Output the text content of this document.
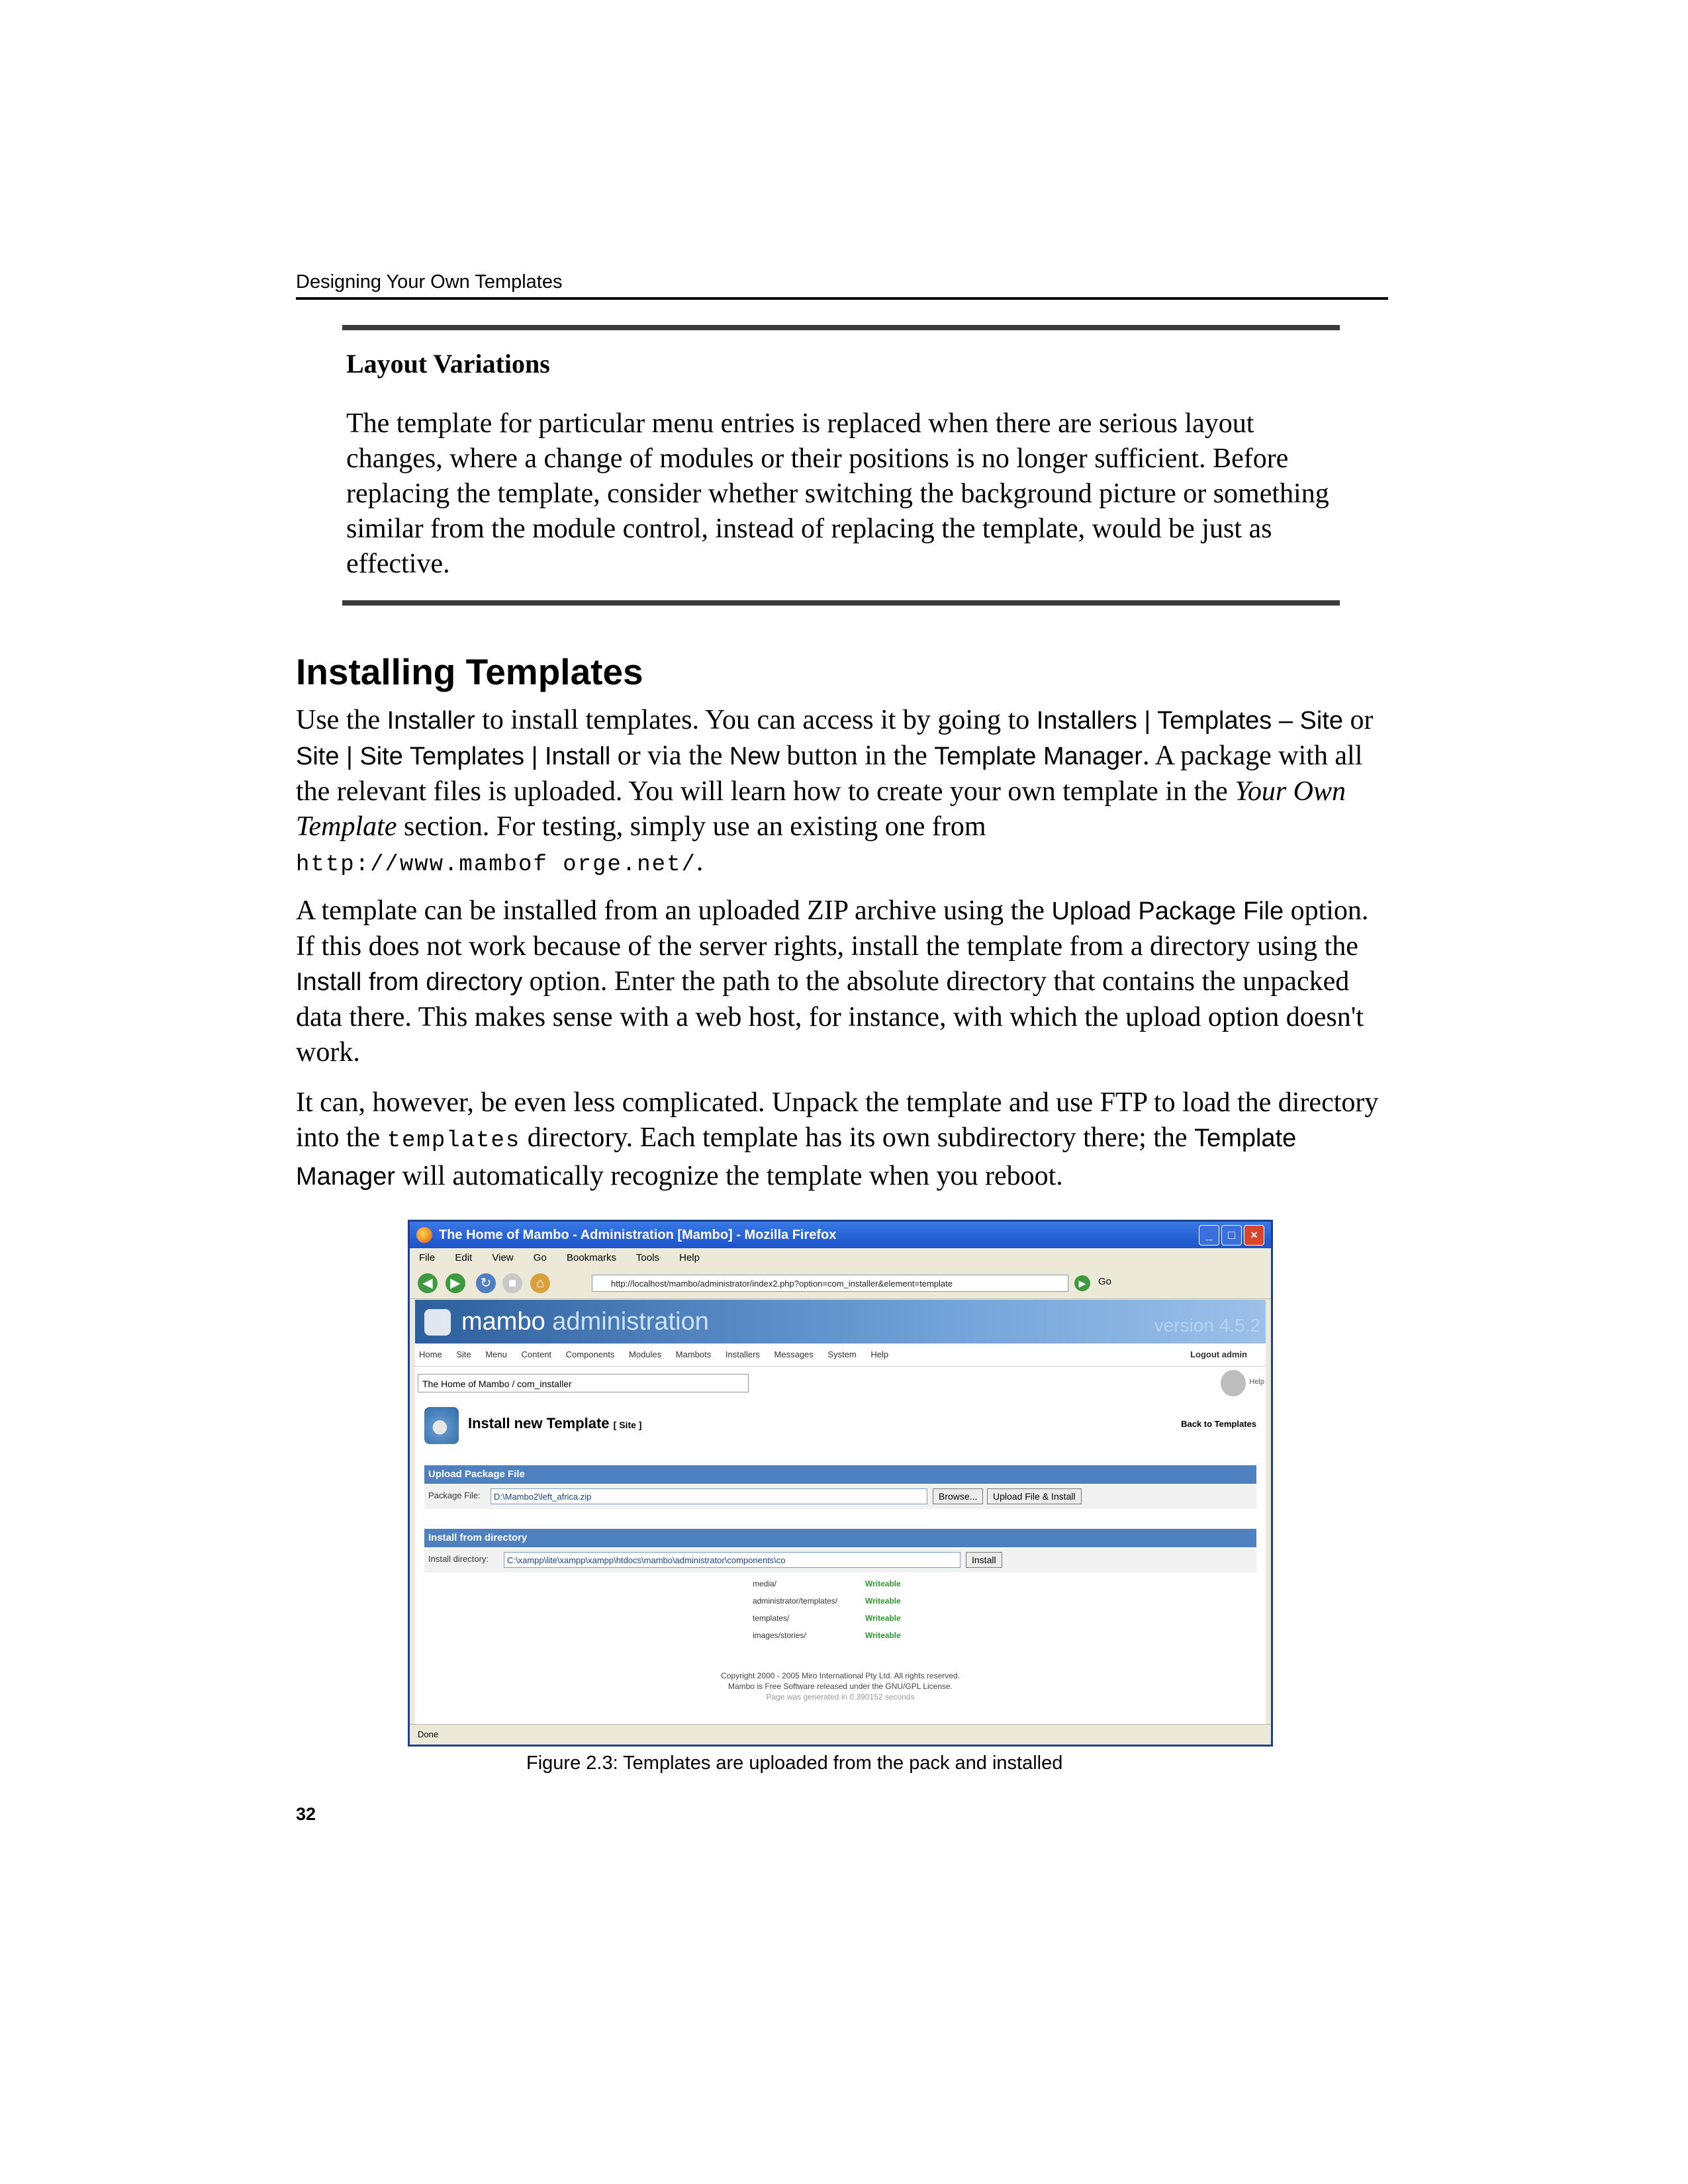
Designing Your Own Templates
Layout Variations
The template for particular menu entries is replaced when there are serious layout changes, where a change of modules or their positions is no longer sufficient. Before replacing the template, consider whether switching the background picture or something similar from the module control, instead of replacing the template, would be just as effective.
Installing Templates
Use the Installer to install templates. You can access it by going to Installers | Templates – Site or Site | Site Templates | Install or via the New button in the Template Manager. A package with all the relevant files is uploaded. You will learn how to create your own template in the Your Own Template section. For testing, simply use an existing one from
http://www.mambof orge.net/.
A template can be installed from an uploaded ZIP archive using the Upload Package File option. If this does not work because of the server rights, install the template from a directory using the Install from directory option. Enter the path to the absolute directory that contains the unpacked data there. This makes sense with a web host, for instance, with which the upload option doesn't work.
It can, however, be even less complicated. Unpack the template and use FTP to load the directory into the templates directory. Each template has its own subdirectory there; the Template Manager will automatically recognize the template when you reboot.
The Home of Mambo - Administration [Mambo] - Mozilla Firefox	_	□	×
File Edit View Go Bookmarks Tools Help
◀	▶	↻	■	⌂	http://localhost/mambo/administrator/index2.php?option=com_installer&element=template	▶	Go
mambo administration	version 4.5.2
Home Site Menu Content Components Modules Mambots Installers Messages System Help	Logout admin
The Home of Mambo / com_installer	Help
Install new Template [ Site ]	Back to Templates
Upload Package File
Package File:	D:\Mambo2\left_africa.zip	Browse...	Upload File & Install
Install from directory
Install directory:	C:\xampp\lite\xampp\xampp\htdocs\mambo\administrator\components\co	Install
media/	Writeable
administrator/templates/	Writeable
templates/	Writeable
images/stories/	Writeable
Copyright 2000 - 2005 Miro International Pty Ltd. All rights reserved.
Mambo is Free Software released under the GNU/GPL License.
Page was generated in 0.390152 seconds
Done
Figure 2.3: Templates are uploaded from the pack and installed
32
